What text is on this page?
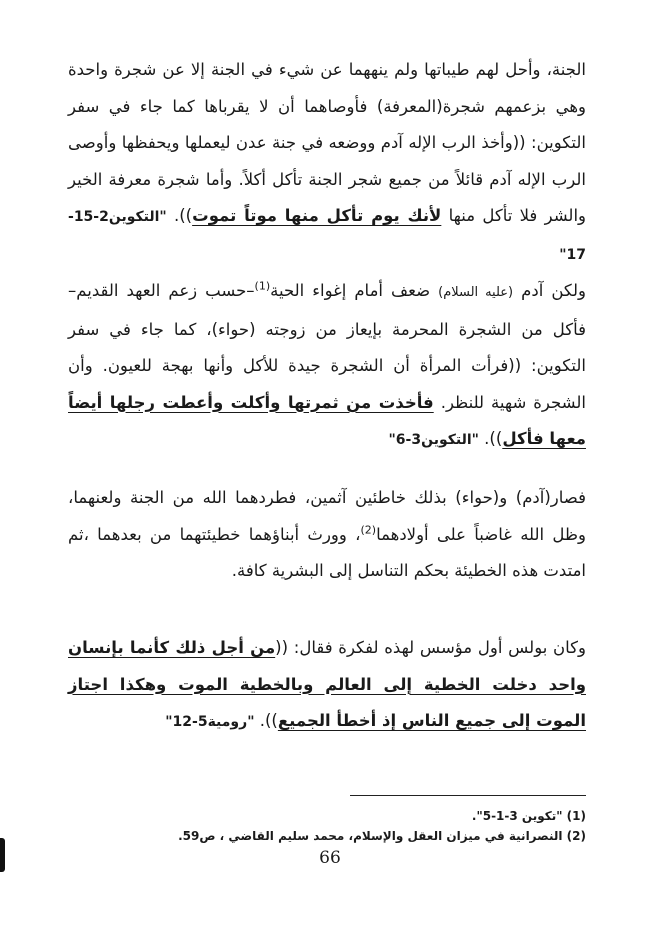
الجنة، وأحل لهم طيباتها ولم ينههما عن شيء في الجنة إلا عن شجرة واحدة وهي بزعمهم شجرة(المعرفة) فأوصاهما أن لا يقرباها كما جاء في سفر التكوين: ((وأخذ الرب الإله آدم ووضعه في جنة عدن ليعملها ويحفظها وأوصى الرب الإله آدم قائلاً من جميع شجر الجنة تأكل أكلاً. وأما شجرة معرفة الخير والشر فلا تأكل منها لأنك يوم تأكل منها موتاً تموت)). "التكوين2-15-17"

ولكن آدم (عليه السلام) ضعف أمام إغواء الحية$^{(1)}$–حسب زعم العهد القديم– فأكل من الشجرة المحرمة بإيعاز من زوجته (حواء)، كما جاء في سفر التكوين: ((فرأت المرأة أن الشجرة جيدة للأكل وأنها بهجة للعيون. وأن الشجرة شهية للنظر. فأخذت من ثمرتها وأكلت وأعطت رجلها أيضاً معها فأكل)). "التكوين3-6"

فصار(آدم) و(حواء) بذلك خاطئين آثمين، فطردهما الله من الجنة ولعنهما، وظل الله غاضباً على أولادهما$^{(2)}$، وورث أبناؤهما خطيئتهما من بعدهما ،ثم امتدت هذه الخطيئة بحكم التناسل إلى البشرية كافة.

وكان بولس أول مؤسس لهذه لفكرة فقال: ((من أجل ذلك كأنما بإنسان واحد دخلت الخطية إلى العالم وبالخطية الموت وهكذا اجتاز الموت إلى جميع الناس إذ أخطأ الجميع)). "رومية5-12"

(1) "تكوين 3-1-5".
(2) النصرانية في ميزان العقل والإسلام، محمد سليم القاضي ، ص59.
66
